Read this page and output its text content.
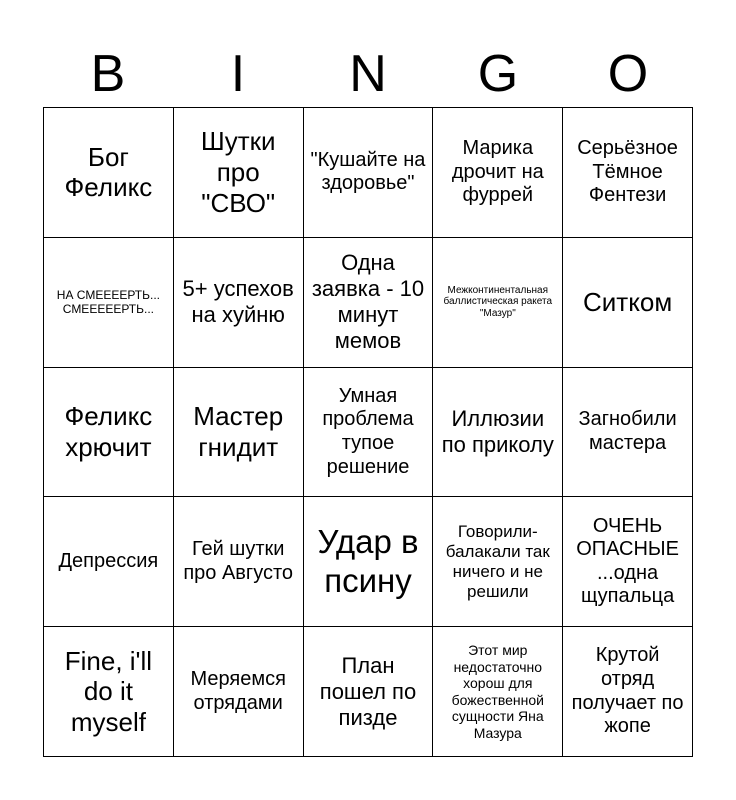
B	I	N	G	O
Бог Феликс
Шутки про "СВО"
"Кушайте на здоровье"
Марика дрочит на фуррей
Серьёзное Тёмное Фентези
НА СМЕЕЕЕРТЬ... СМЕЕЕЕЕРТЬ...
5+ успехов на хуйню
Одна заявка - 10 минут мемов
Межконтинентальная баллистическая ракета "Мазур"	Ситком
Феликс хрючит
Мастер гнидит
Умная проблема тупое решение
Иллюзии по приколу
Загнобили мастера
Депрессия
Гей шутки про Августо
Удар в псину
Говорили-балакали так ничего и не решили
ОЧЕНЬ ОПАСНЫЕ ...одна щупальца
Fine, i'll do it myself
Меряемся отрядами
План пошел по пизде
Этот мир недостаточно хорош для божественной сущности Яна Мазура
Крутой отряд получает по жопе
